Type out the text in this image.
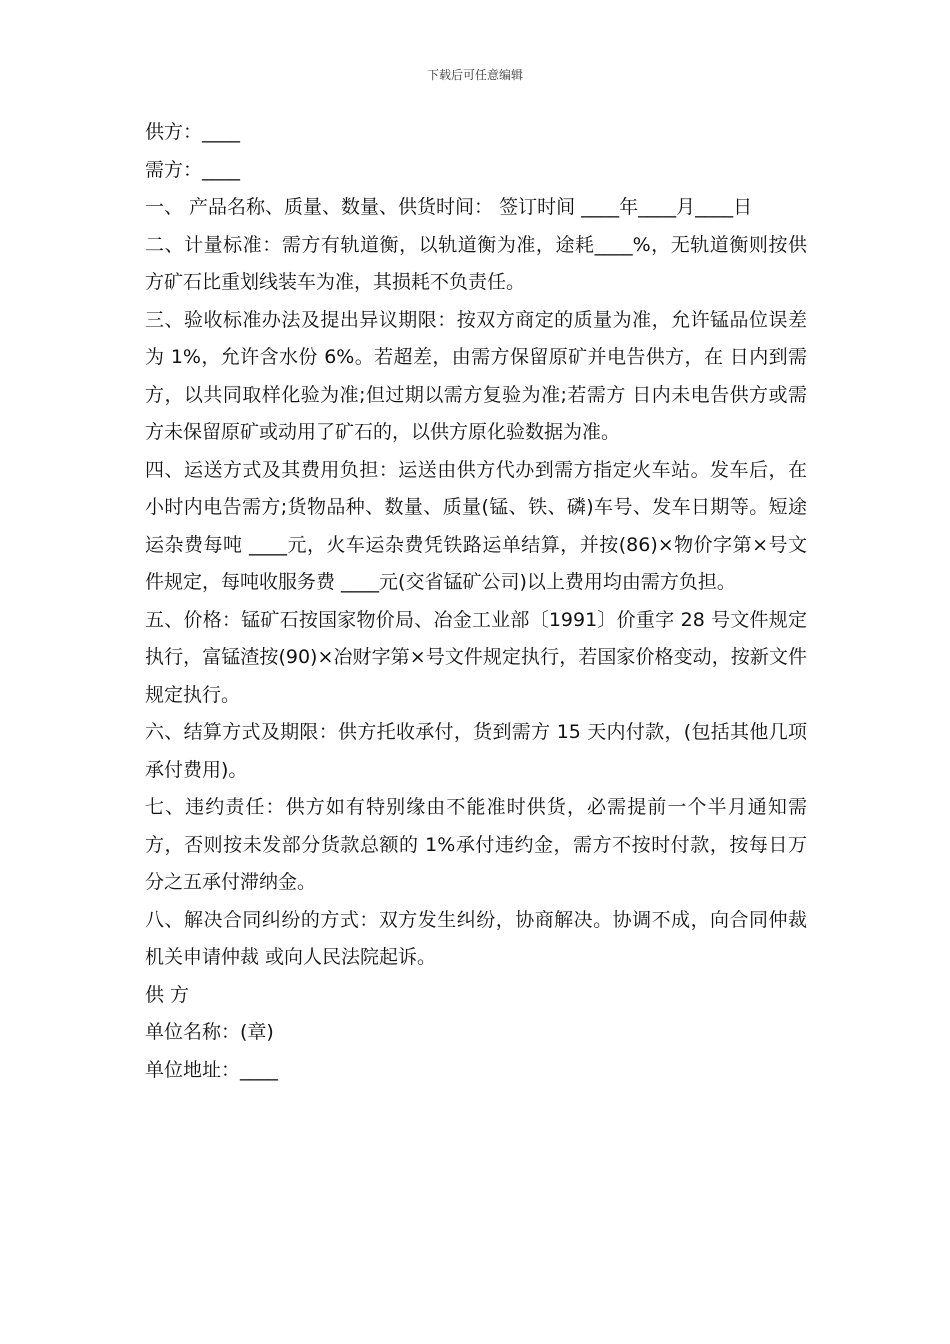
下载后可任意编辑

供方：____

需方：____

一、 产品名称、质量、数量、供货时间： 签订时间 ____年____月____日

二、计量标准：需方有轨道衡，以轨道衡为准，途耗____%，无轨道衡则按供方矿石比重划线装车为准，其损耗不负责任。

三、验收标准办法及提出异议期限：按双方商定的质量为准，允许锰品位误差为 1%，允许含水份 6%。若超差，由需方保留原矿并电告供方，在 日内到需方，以共同取样化验为准;但过期以需方复验为准;若需方 日内未电告供方或需方未保留原矿或动用了矿石的，以供方原化验数据为准。

四、运送方式及其费用负担：运送由供方代办到需方指定火车站。发车后，在 小时内电告需方;货物品种、数量、质量(锰、铁、磷)车号、发车日期等。短途运杂费每吨 ____元，火车运杂费凭铁路运单结算，并按(86)×物价字第×号文件规定，每吨收服务费 ____元(交省锰矿公司)以上费用均由需方负担。

五、价格：锰矿石按国家物价局、冶金工业部〔1991〕价重字 28 号文件规定执行，富锰渣按(90)×冶财字第×号文件规定执行，若国家价格变动，按新文件规定执行。

六、结算方式及期限：供方托收承付，货到需方 15 天内付款，(包括其他几项承付费用)。

七、违约责任：供方如有特别缘由不能准时供货，必需提前一个半月通知需方，否则按未发部分货款总额的 1%承付违约金，需方不按时付款，按每日万分之五承付滞纳金。

八、解决合同纠纷的方式：双方发生纠纷，协商解决。协调不成，向合同仲裁机关申请仲裁 或向人民法院起诉。

供 方

单位名称：(章)

单位地址：____
